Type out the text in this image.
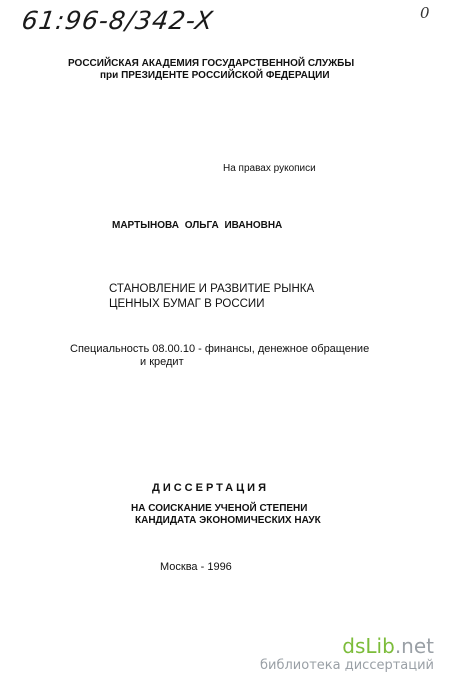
61:96-8/342-X	0
РОССИЙСКАЯ АКАДЕМИЯ ГОСУДАРСТВЕННОЙ СЛУЖБЫ
при ПРЕЗИДЕНТЕ РОССИЙСКОЙ ФЕДЕРАЦИИ
На правах рукописи
МАРТЫНОВА ОЛЬГА ИВАНОВНА
СТАНОВЛЕНИЕ И РАЗВИТИЕ РЫНКА
ЦЕННЫХ БУМАГ В РОССИИ
Специальность 08.00.10 - финансы, денежное обращение
и кредит
ДИССЕРТАЦИЯ
НА СОИСКАНИЕ УЧЕНОЙ СТЕПЕНИ
КАНДИДАТА ЭКОНОМИЧЕСКИХ НАУК
Москва - 1996
dsLib.net
библиотека диссертаций
